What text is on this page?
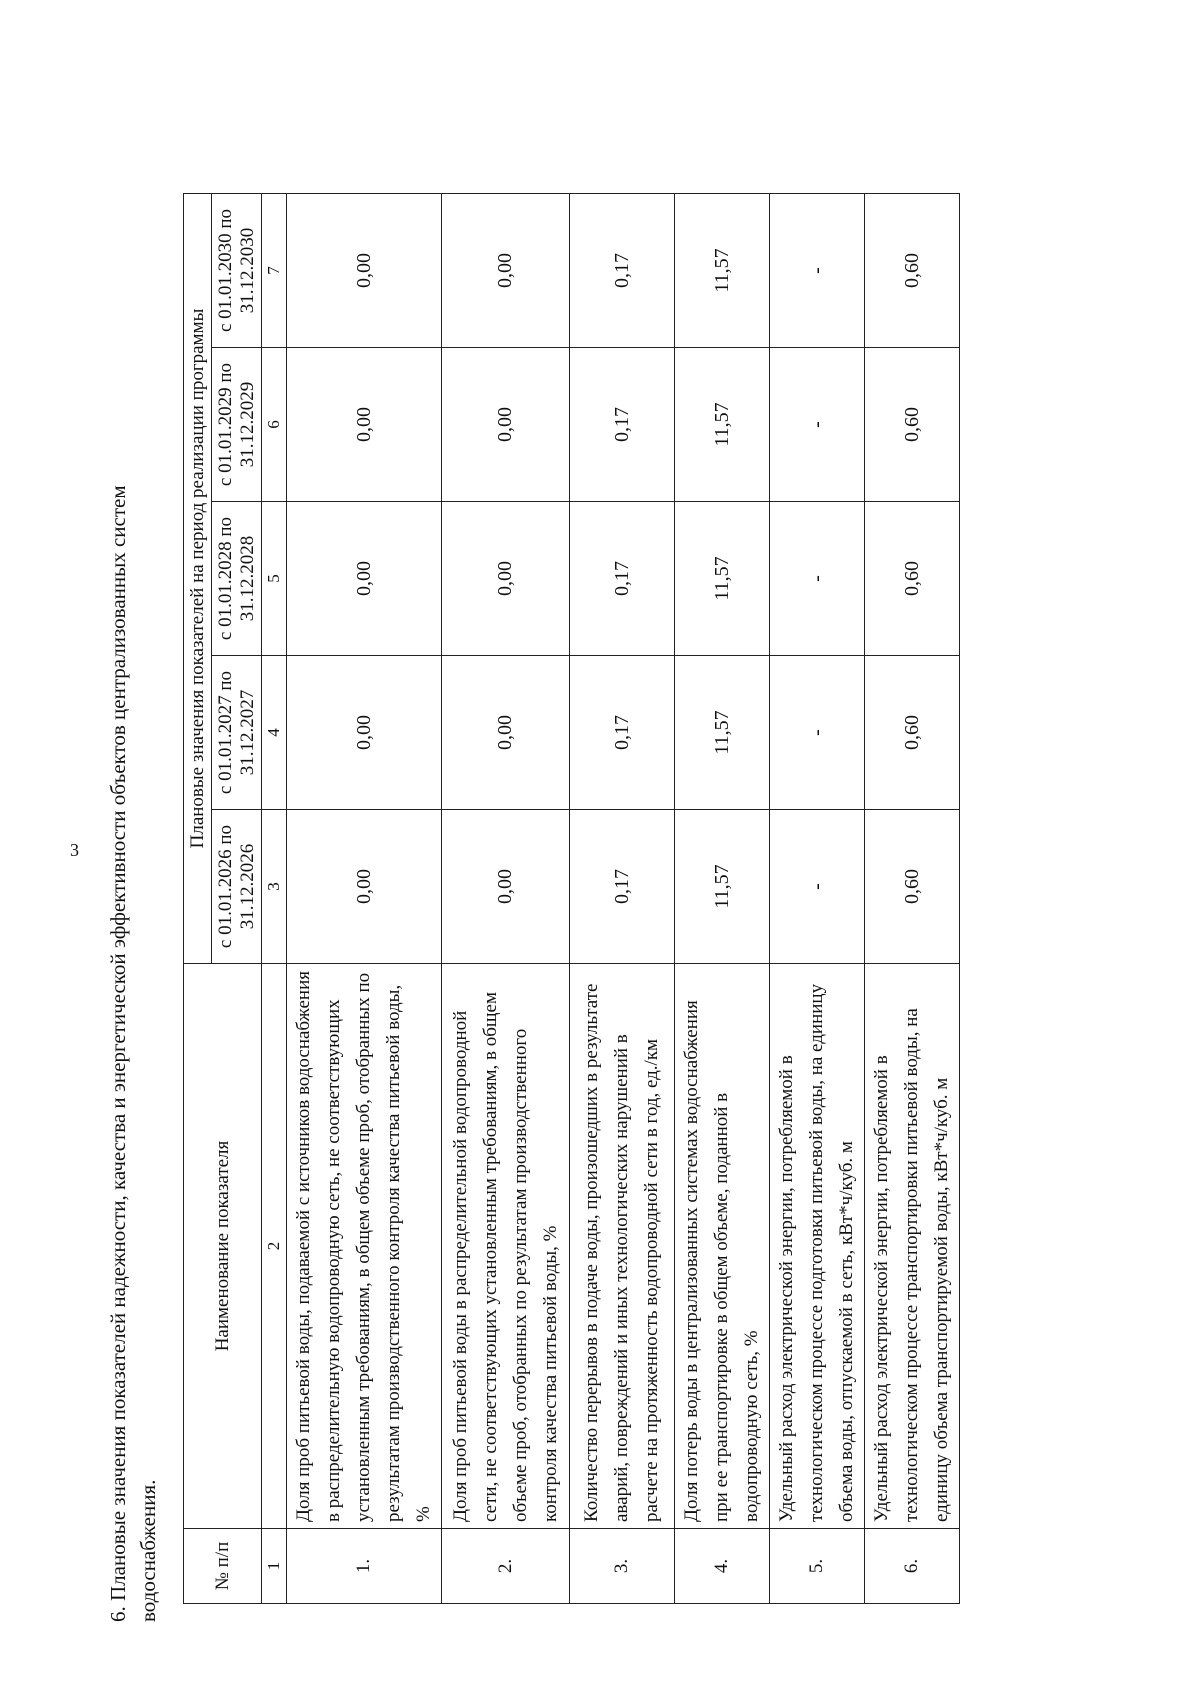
3 6. Плановые значения показателей надежности, качества и энергетической эффективности объектов централизованных систем водоснабжения.	№ п/п	Наименование показателя	Плановые значения показателей на период реализации программы				
		с 01.01.2026 по 31.12.2026	с 01.01.2027 по 31.12.2027	с 01.01.2028 по 31.12.2028	с 01.01.2029 по 31.12.2029	с 01.01.2030 по 31.12.2030
1	2	3	4	5	6	7
1.	Доля проб питьевой воды, подаваемой с источников водоснабжения в распределительную водопроводную сеть, не соответствующих установленным требованиям, в общем объеме проб, отобранных по результатам производственного контроля качества питьевой воды, %	0,00	0,00	0,00	0,00	0,00
2.	Доля проб питьевой воды в распределительной водопроводной сети, не соответствующих установленным требованиям, в общем объеме проб, отобранных по результатам производственного контроля качества питьевой воды, %	0,00	0,00	0,00	0,00	0,00
3.	Количество перерывов в подаче воды, произошедших в результате аварий, повреждений и иных технологических нарушений в расчете на протяженность водопроводной сети в год, ед./км	0,17	0,17	0,17	0,17	0,17
4.	Доля потерь воды в централизованных системах водоснабжения при ее транспортировке в общем объеме, поданной в водопроводную сеть, %	11,57	11,57	11,57	11,57	11,57
5.	Удельный расход электрической энергии, потребляемой в технологическом процессе подготовки питьевой воды, на единицу объема воды, отпускаемой в сеть, кВт*ч/куб. м	-	-	-	-	-
6.	Удельный расход электрической энергии, потребляемой в технологическом процессе транспортировки питьевой воды, на единицу объема транспортируемой воды, кВт*ч/куб. м	0,60	0,60	0,60	0,60	0,60
